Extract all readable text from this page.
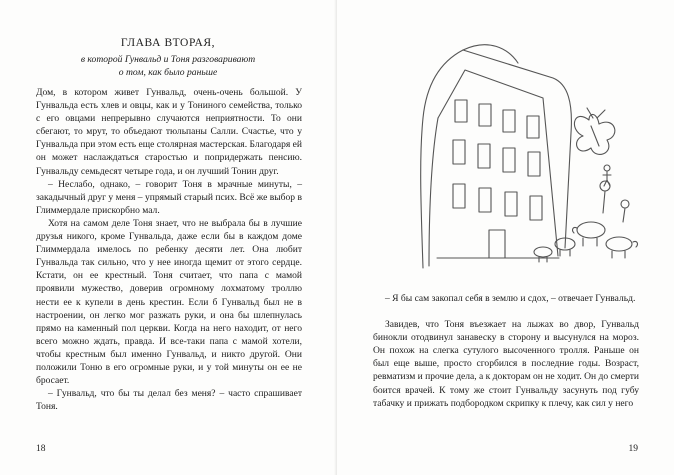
ГЛАВА ВТОРАЯ,

в которой Гунвальд и Тоня разговаривают

о том, как было раньше

Дом, в котором живет Гунвальд, очень-очень большой. У Гунвальда есть хлев и овцы, как и у Тониного семейства, только с его овцами непрерывно случаются неприятности. То они сбегают, то мрут, то объедают тюльпаны Салли. Счастье, что у Гунвальда при этом есть еще столярная мастерская. Благодаря ей он может наслаждаться старостью и попридержать пенсию. Гунвальду семьдесят четыре года, и он лучший Тонин друг.

– Неслабо, однако, – говорит Тоня в мрачные минуты, – закадычный друг у меня – упрямый старый псих. Всё же выбор в Глиммердале прискорбно мал.

Хотя на самом деле Тоня знает, что не выбрала бы в лучшие друзья никого, кроме Гунвальда, даже если бы в каждом доме Глиммердала имелось по ребенку десяти лет. Она любит Гунвальда так сильно, что у нее иногда щемит от этого сердце. Кстати, он ее крестный. Тоня считает, что папа с мамой проявили мужество, доверив огромному лохматому троллю нести ее к купели в день крестин. Если б Гунвальд был не в настроении, он легко мог разжать руки, и она бы шлепнулась прямо на каменный пол церкви. Когда на него находит, от него всего можно ждать, правда. И все-таки папа с мамой хотели, чтобы крестным был именно Гунвальд, и никто другой. Они положили Тоню в его огромные руки, и у той минуты он ее не бросает.

– Гунвальд, что бы ты делал без меня? – часто спрашивает Тоня.

18

– Я бы сам закопал себя в землю и сдох, – отвечает Гунвальд.

Завидев, что Тоня въезжает на лыжах во двор, Гунвальд бинокли отодвинул занавеску в сторону и высунулся на мороз. Он похож на слегка сутулого высоченного тролля. Раньше он был еще выше, просто сгорбился в последние годы. Возраст, ревматизм и прочие дела, а к докторам он не ходит. Он до смерти боится врачей. К тому же стоит Гунвальду засунуть под губу табачку и прижать подбородком скрипку к плечу, как сил у него

19
